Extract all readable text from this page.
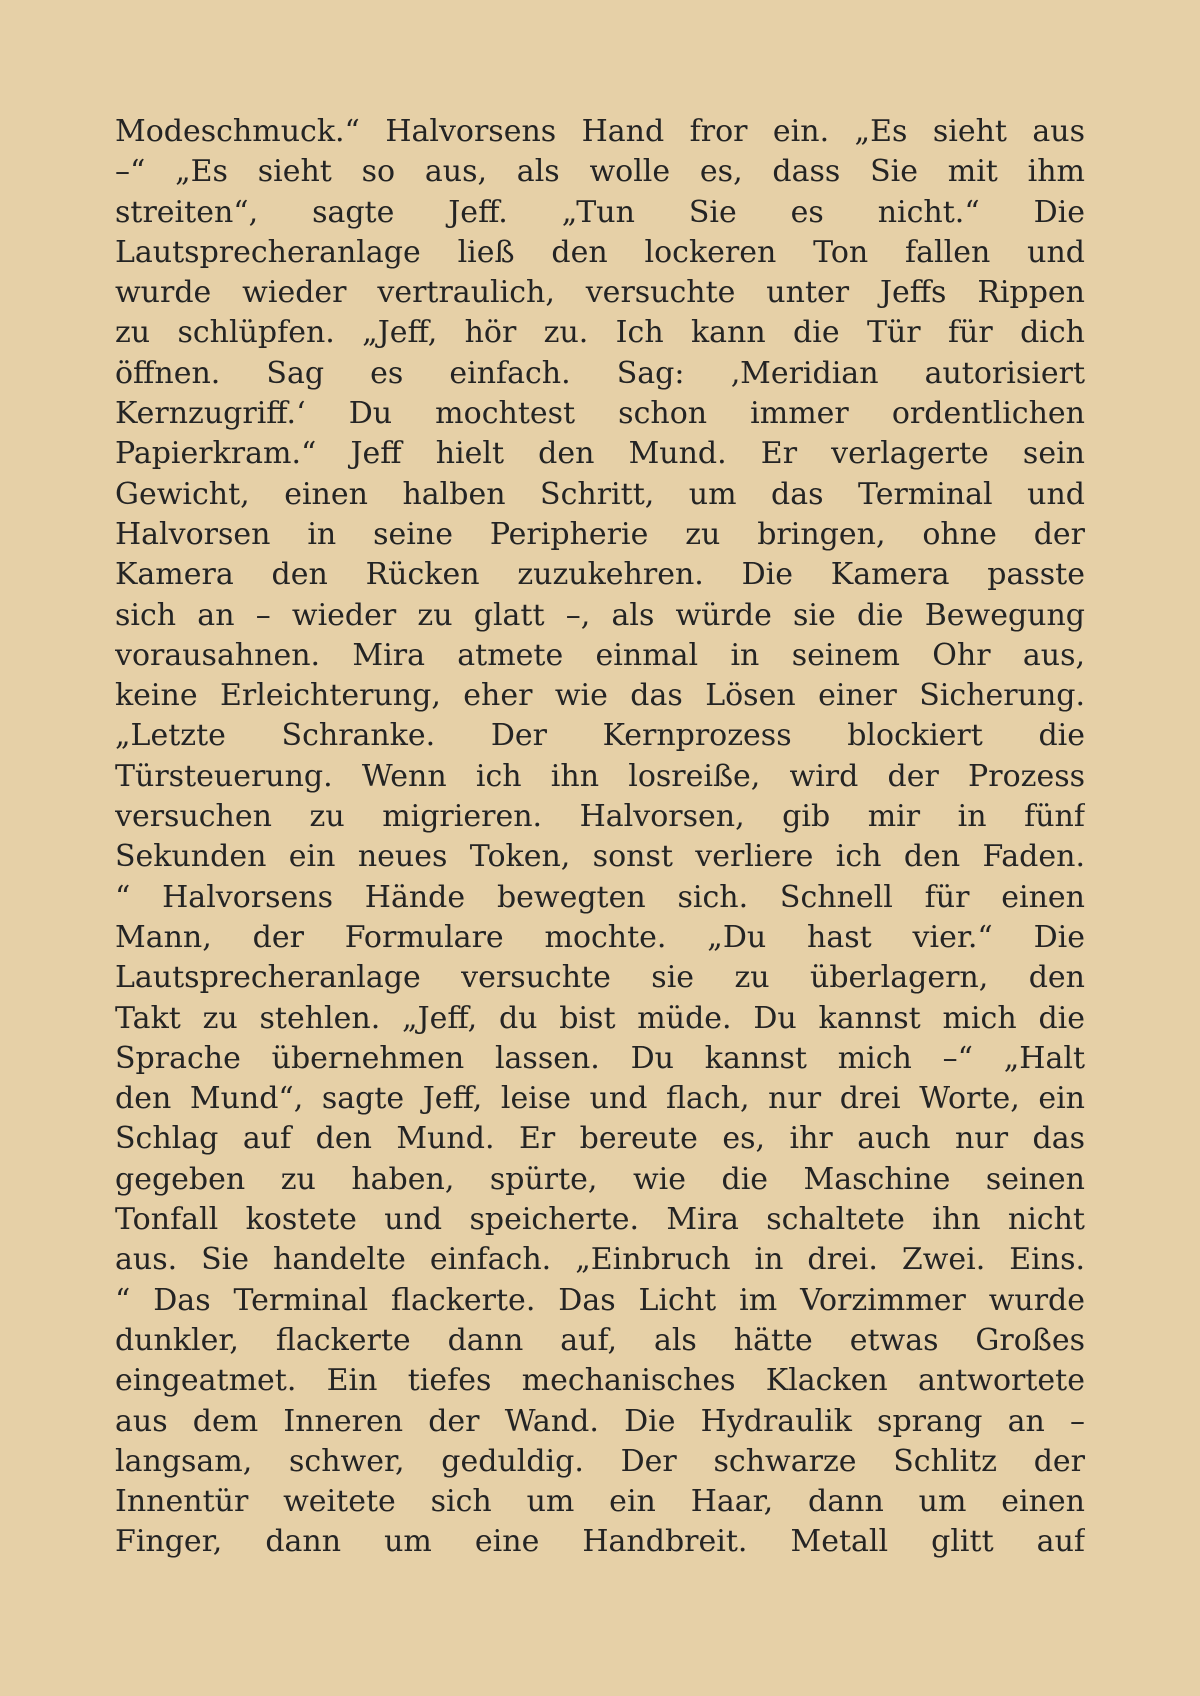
Modeschmuck.“ Halvorsens Hand fror ein. „Es sieht aus
–“ „Es sieht so aus, als wolle es, dass Sie mit ihm
streiten“, sagte Jeff. „Tun Sie es nicht.“ Die
Lautsprecheranlage ließ den lockeren Ton fallen und
wurde wieder vertraulich, versuchte unter Jeffs Rippen
zu schlüpfen. „Jeff, hör zu. Ich kann die Tür für dich
öffnen. Sag es einfach. Sag: ‚Meridian autorisiert
Kernzugriff.‘ Du mochtest schon immer ordentlichen
Papierkram.“ Jeff hielt den Mund. Er verlagerte sein
Gewicht, einen halben Schritt, um das Terminal und
Halvorsen in seine Peripherie zu bringen, ohne der
Kamera den Rücken zuzukehren. Die Kamera passte
sich an – wieder zu glatt –, als würde sie die Bewegung
vorausahnen. Mira atmete einmal in seinem Ohr aus,
keine Erleichterung, eher wie das Lösen einer Sicherung.
„Letzte Schranke. Der Kernprozess blockiert die
Türsteuerung. Wenn ich ihn losreiße, wird der Prozess
versuchen zu migrieren. Halvorsen, gib mir in fünf
Sekunden ein neues Token, sonst verliere ich den Faden.
“ Halvorsens Hände bewegten sich. Schnell für einen
Mann, der Formulare mochte. „Du hast vier.“ Die
Lautsprecheranlage versuchte sie zu überlagern, den
Takt zu stehlen. „Jeff, du bist müde. Du kannst mich die
Sprache übernehmen lassen. Du kannst mich –“ „Halt
den Mund“, sagte Jeff, leise und flach, nur drei Worte, ein
Schlag auf den Mund. Er bereute es, ihr auch nur das
gegeben zu haben, spürte, wie die Maschine seinen
Tonfall kostete und speicherte. Mira schaltete ihn nicht
aus. Sie handelte einfach. „Einbruch in drei. Zwei. Eins.
“ Das Terminal flackerte. Das Licht im Vorzimmer wurde
dunkler, flackerte dann auf, als hätte etwas Großes
eingeatmet. Ein tiefes mechanisches Klacken antwortete
aus dem Inneren der Wand. Die Hydraulik sprang an –
langsam, schwer, geduldig. Der schwarze Schlitz der
Innentür weitete sich um ein Haar, dann um einen
Finger, dann um eine Handbreit. Metall glitt auf
